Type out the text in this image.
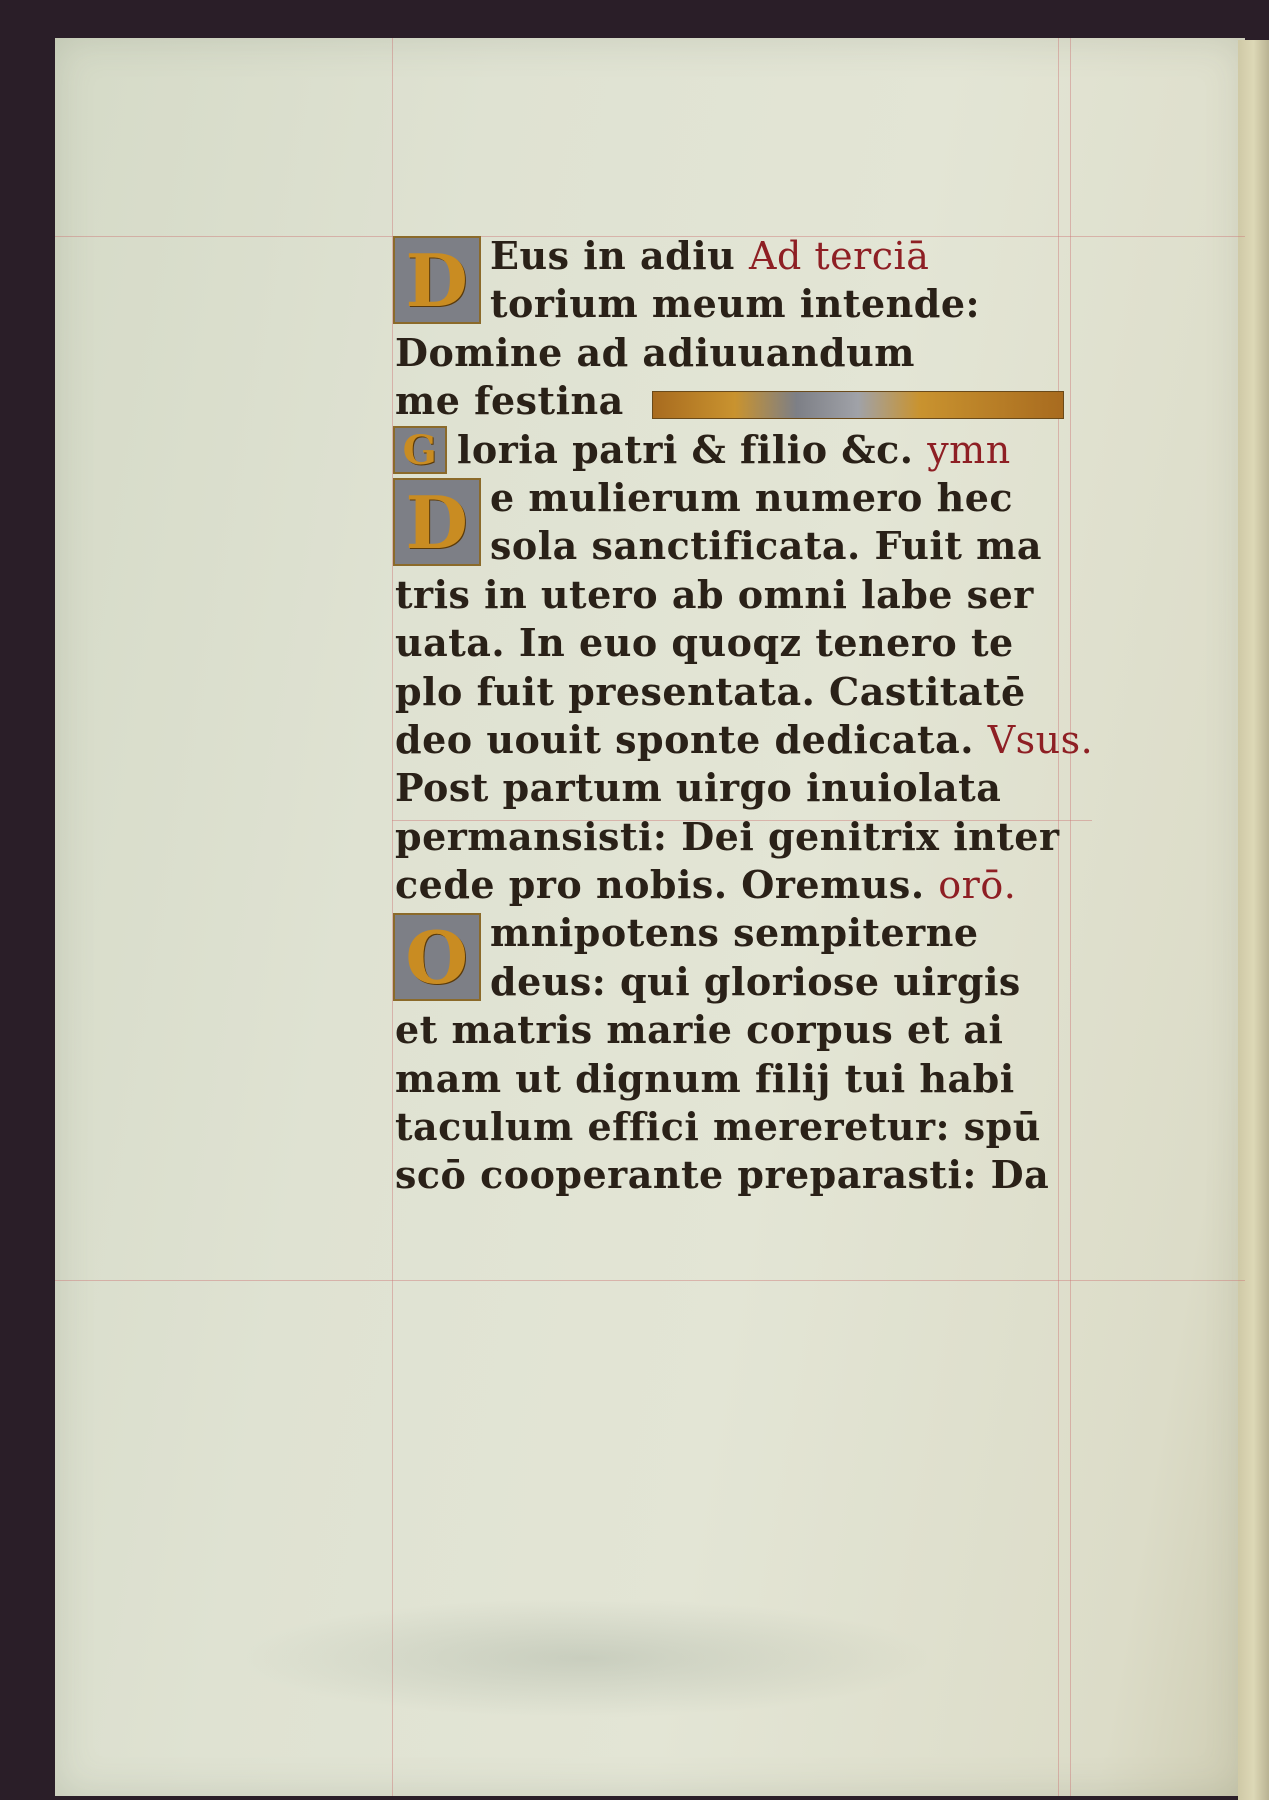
D Eus in adiu Ad terciā
torium meum intende:
Domine ad adiuuandum
me festina
G loria patri & filio &c. ymn
D e mulierum numero hec
sola sanctificata. Fuit ma
tris in utero ab omni labe ser
uata. In euo quoqz tenero te
plo fuit presentata. Castitatē
deo uouit sponte dedicata. Vsus.
Post partum uirgo inuiolata
permansisti: Dei genitrix inter
cede pro nobis. Oremus. orō.
O mnipotens sempiterne
deus: qui gloriose uirgis
et matris marie corpus et ai
mam ut dignum filij tui habi
taculum effici mereretur: spū
scō cooperante preparasti: Da
